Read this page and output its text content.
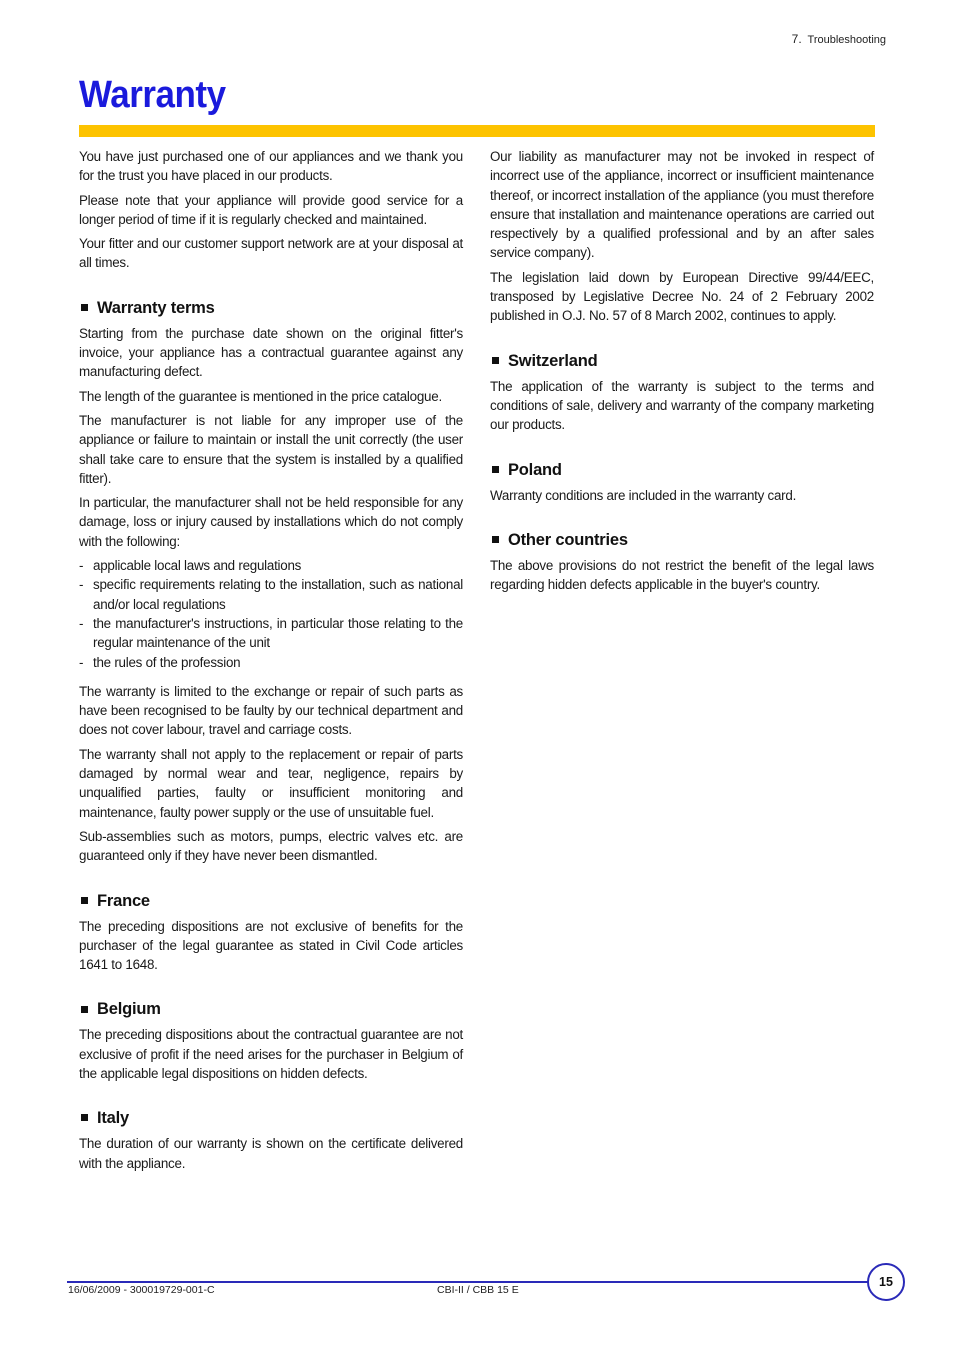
7. Troubleshooting
Warranty

You have just purchased one of our appliances and we thank you for the trust you have placed in our products.

Please note that your appliance will provide good service for a longer period of time if it is regularly checked and maintained.

Your fitter and our customer support network are at your disposal at all times.

Warranty terms

Starting from the purchase date shown on the original fitter's invoice, your appliance has a contractual guarantee against any manufacturing defect.

The length of the guarantee is mentioned in the price catalogue.

The manufacturer is not liable for any improper use of the appliance or failure to maintain or install the unit correctly (the user shall take care to ensure that the system is installed by a qualified fitter).

In particular, the manufacturer shall not be held responsible for any damage, loss or injury caused by installations which do not comply with the following:

- applicable local laws and regulations
- specific requirements relating to the installation, such as national and/or local regulations
- the manufacturer's instructions, in particular those relating to the regular maintenance of the unit
- the rules of the profession

The warranty is limited to the exchange or repair of such parts as have been recognised to be faulty by our technical department and does not cover labour, travel and carriage costs.

The warranty shall not apply to the replacement or repair of parts damaged by normal wear and tear, negligence, repairs by unqualified parties, faulty or insufficient monitoring and maintenance, faulty power supply or the use of unsuitable fuel.

Sub-assemblies such as motors, pumps, electric valves etc. are guaranteed only if they have never been dismantled.

France

The preceding dispositions are not exclusive of benefits for the purchaser of the legal guarantee as stated in Civil Code articles 1641 to 1648.

Belgium

The preceding dispositions about the contractual guarantee are not exclusive of profit if the need arises for the purchaser in Belgium of the applicable legal dispositions on hidden defects.

Italy

The duration of our warranty is shown on the certificate delivered with the appliance.

Our liability as manufacturer may not be invoked in respect of incorrect use of the appliance, incorrect or insufficient maintenance thereof, or incorrect installation of the appliance (you must therefore ensure that installation and maintenance operations are carried out respectively by a qualified professional and by an after sales service company).

The legislation laid down by European Directive 99/44/EEC, transposed by Legislative Decree No. 24 of 2 February 2002 published in O.J. No. 57 of 8 March 2002, continues to apply.

Switzerland

The application of the warranty is subject to the terms and conditions of sale, delivery and warranty of the company marketing our products.

Poland

Warranty conditions are included in the warranty card.

Other countries

The above provisions do not restrict the benefit of the legal laws regarding hidden defects applicable in the buyer's country.

16/06/2009 - 300019729-001-C	CBI-II / CBB 15 E
15
